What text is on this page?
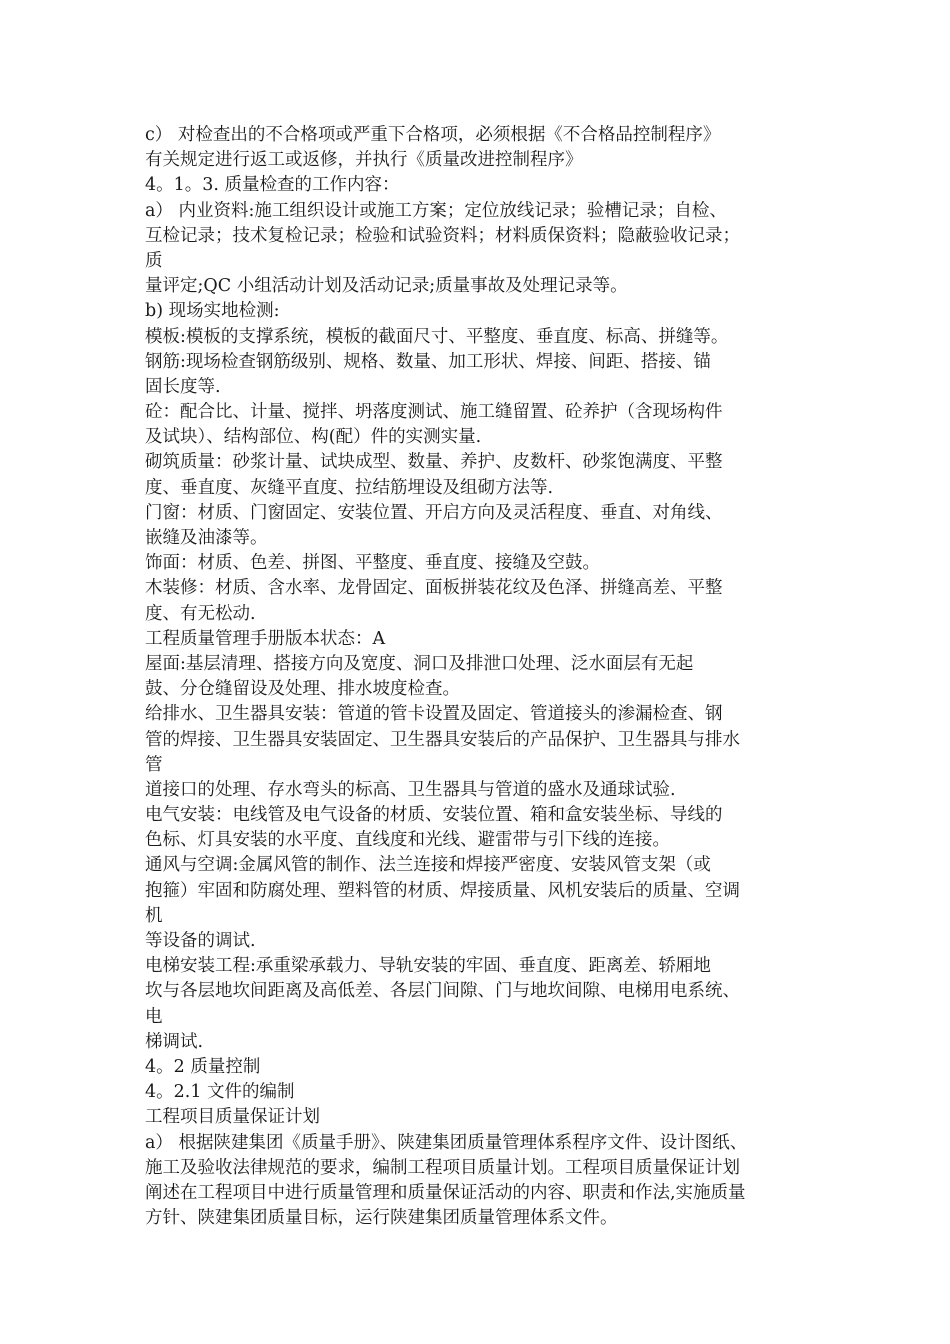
c） 对检查出的不合格项或严重下合格项，必须根据《不合格品控制程序》
有关规定进行返工或返修，并执行《质量改进控制程序》
4。1。3. 质量检查的工作内容：
a） 内业资料:施工组织设计或施工方案；定位放线记录；验槽记录；自检、
互检记录；技术复检记录；检验和试验资料；材料质保资料；隐蔽验收记录；
质
量评定;QC 小组活动计划及活动记录;质量事故及处理记录等。
b) 现场实地检测:
模板:模板的支撑系统，模板的截面尺寸、平整度、垂直度、标高、拼缝等。
钢筋:现场检查钢筋级别、规格、数量、加工形状、焊接、间距、搭接、锚
固长度等.
砼：配合比、计量、搅拌、坍落度测试、施工缝留置、砼养护（含现场构件
及试块）、结构部位、构(配）件的实测实量.
砌筑质量：砂浆计量、试块成型、数量、养护、皮数杆、砂浆饱满度、平整
度、垂直度、灰缝平直度、拉结筋埋设及组砌方法等.
门窗：材质、门窗固定、安装位置、开启方向及灵活程度、垂直、对角线、
嵌缝及油漆等。
饰面：材质、色差、拼图、平整度、垂直度、接缝及空鼓。
木装修：材质、含水率、龙骨固定、面板拼装花纹及色泽、拼缝高差、平整
度、有无松动.
工程质量管理手册版本状态：A
屋面:基层清理、搭接方向及宽度、洞口及排泄口处理、泛水面层有无起
鼓、分仓缝留设及处理、排水坡度检查。
给排水、卫生器具安装：管道的管卡设置及固定、管道接头的渗漏检查、钢
管的焊接、卫生器具安装固定、卫生器具安装后的产品保护、卫生器具与排水
管
道接口的处理、存水弯头的标高、卫生器具与管道的盛水及通球试验.
电气安装：电线管及电气设备的材质、安装位置、箱和盒安装坐标、导线的
色标、灯具安装的水平度、直线度和光线、避雷带与引下线的连接。
通风与空调:金属风管的制作、法兰连接和焊接严密度、安装风管支架（或
抱箍）牢固和防腐处理、塑料管的材质、焊接质量、风机安装后的质量、空调
机
等设备的调试.
电梯安装工程:承重梁承载力、导轨安装的牢固、垂直度、距离差、轿厢地
坎与各层地坎间距离及高低差、各层门间隙、门与地坎间隙、电梯用电系统、
电
梯调试.
4。2 质量控制
4。2.1 文件的编制
工程项目质量保证计划
a） 根据陕建集团《质量手册》、陕建集团质量管理体系程序文件、设计图纸、
施工及验收法律规范的要求，编制工程项目质量计划。工程项目质量保证计划
阐述在工程项目中进行质量管理和质量保证活动的内容、职责和作法,实施质量
方针、陕建集团质量目标，运行陕建集团质量管理体系文件。
